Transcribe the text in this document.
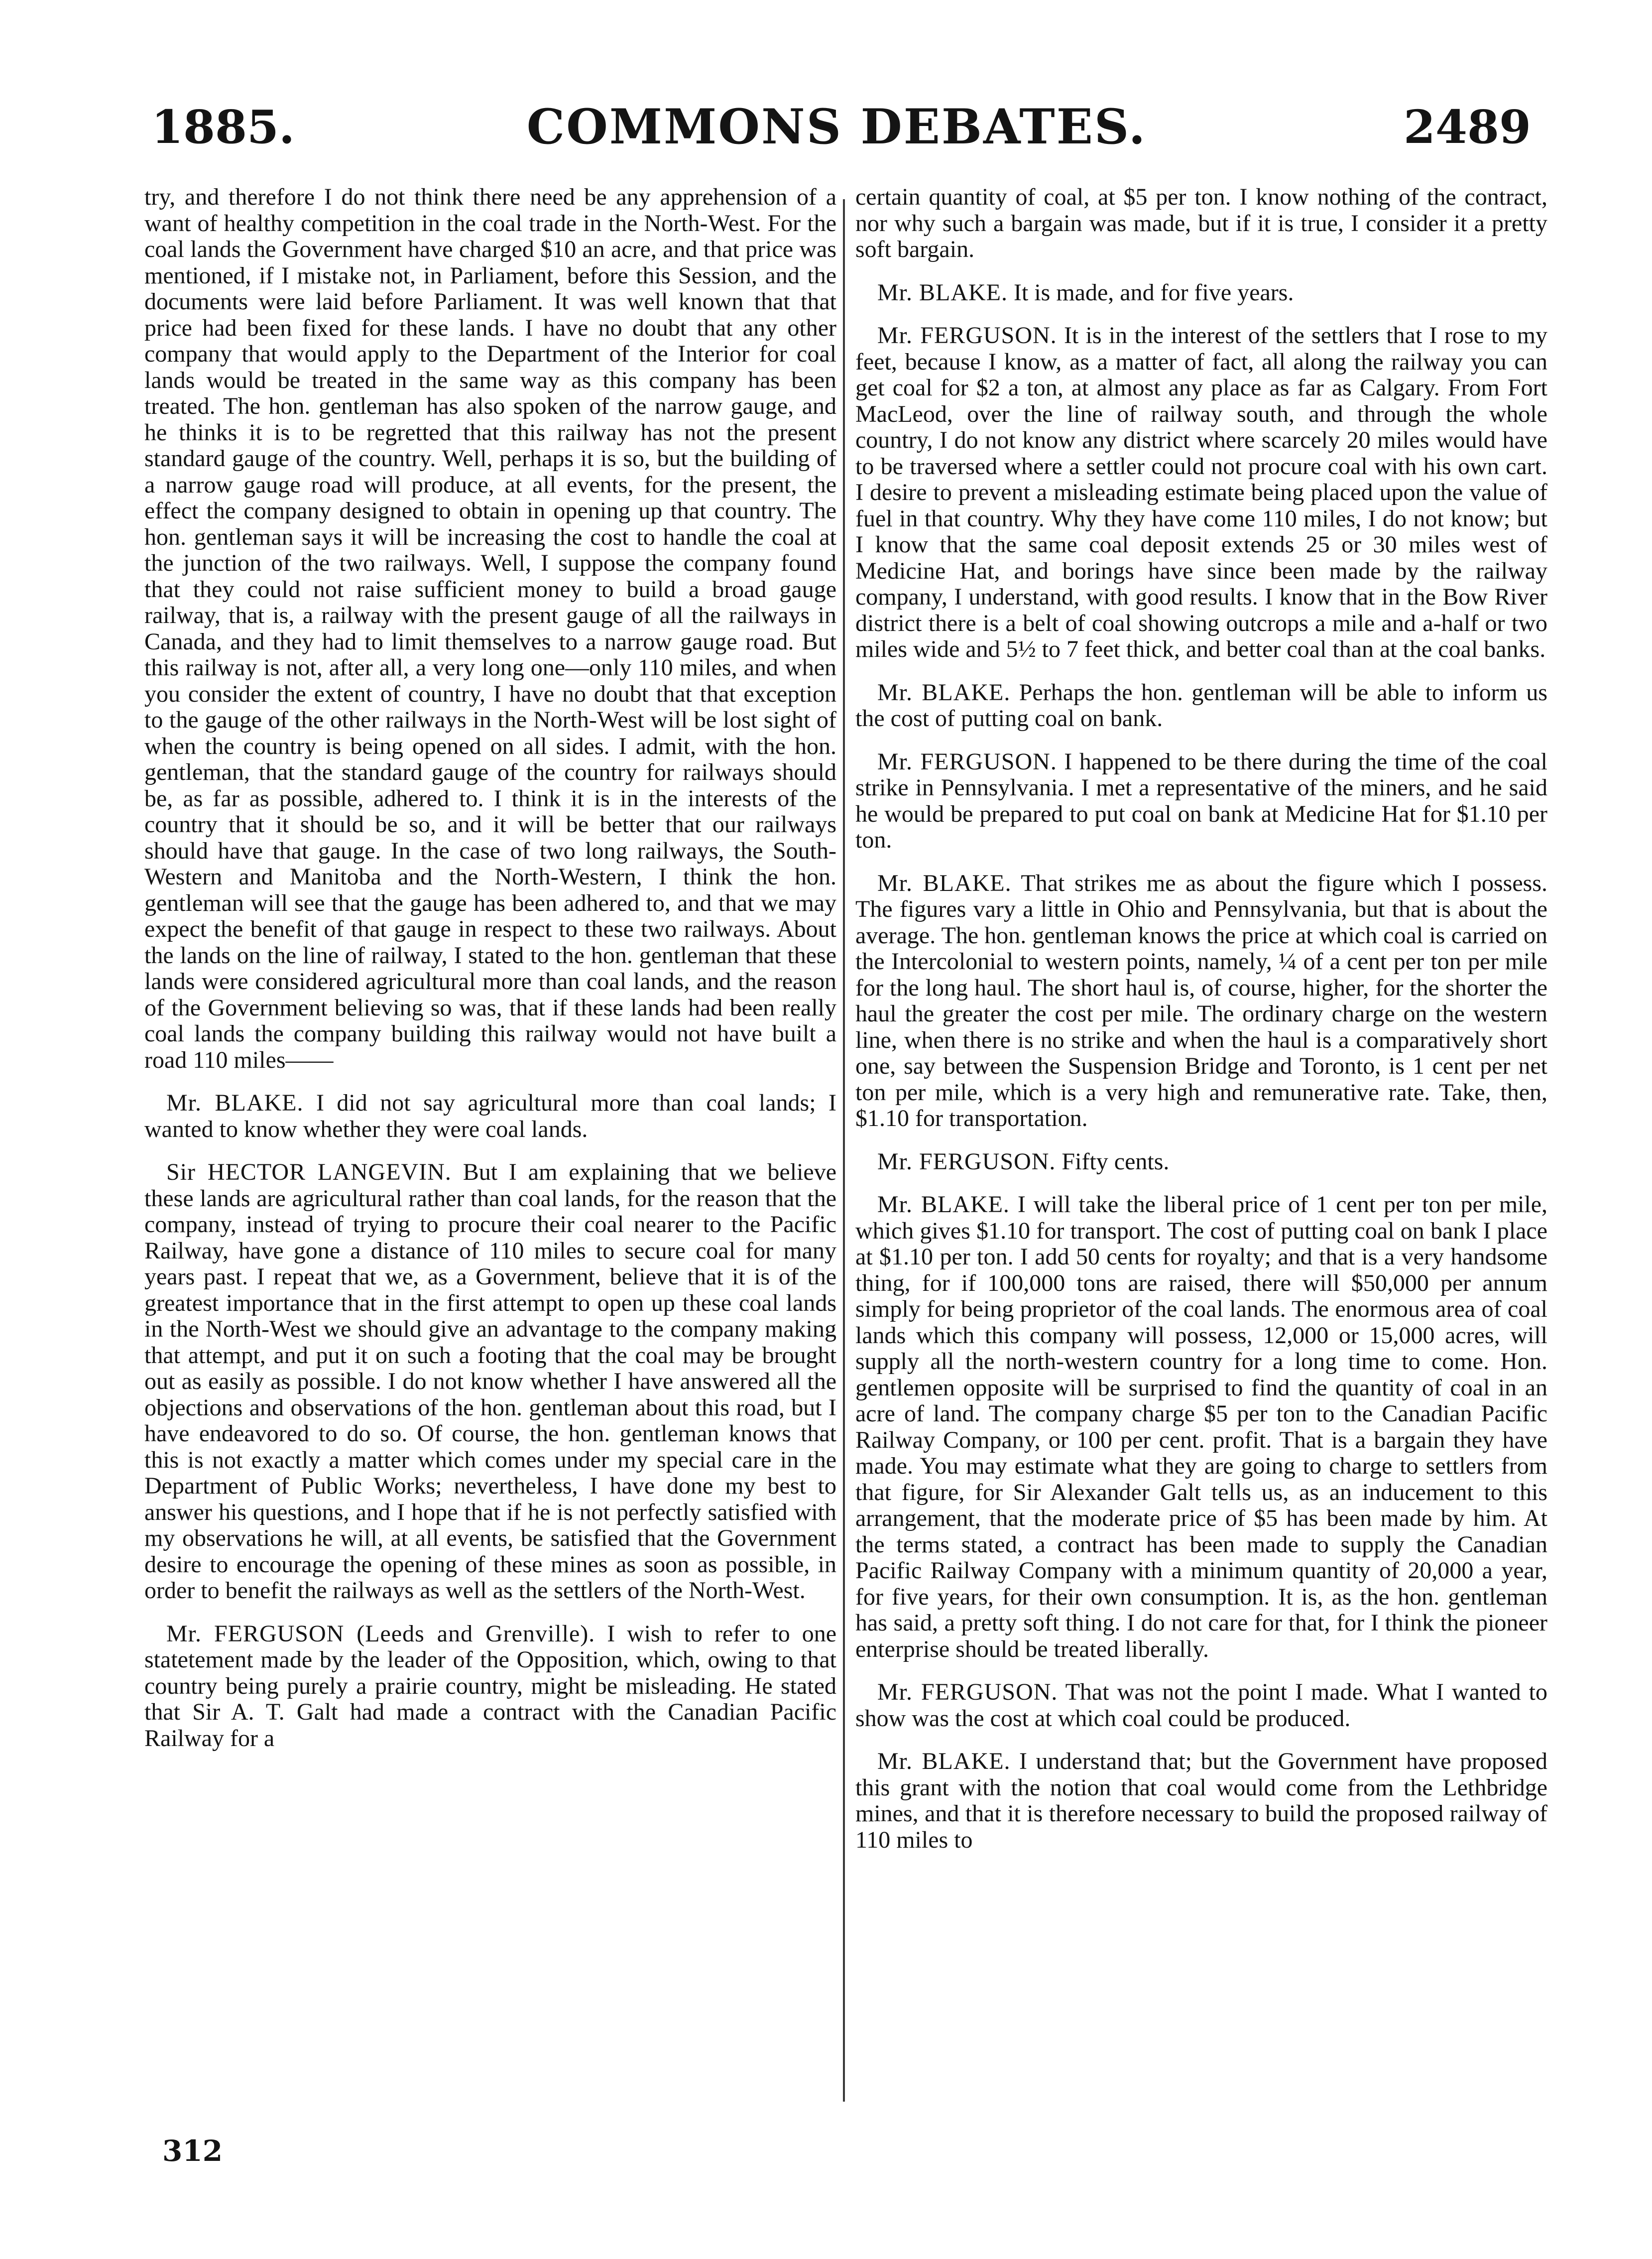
1885.	COMMONS DEBATES.	2489

try, and therefore I do not think there need be any apprehension of a want of healthy competition in the coal trade in the North-West. For the coal lands the Government have charged $10 an acre, and that price was mentioned, if I mistake not, in Parliament, before this Session, and the documents were laid before Parliament. It was well known that that price had been fixed for these lands. I have no doubt that any other company that would apply to the Department of the Interior for coal lands would be treated in the same way as this company has been treated. The hon. gentleman has also spoken of the narrow gauge, and he thinks it is to be regretted that this railway has not the present standard gauge of the country. Well, perhaps it is so, but the building of a narrow gauge road will produce, at all events, for the present, the effect the company designed to obtain in opening up that country. The hon. gentleman says it will be increasing the cost to handle the coal at the junction of the two railways. Well, I suppose the company found that they could not raise sufficient money to build a broad gauge railway, that is, a railway with the present gauge of all the railways in Canada, and they had to limit themselves to a narrow gauge road. But this railway is not, after all, a very long one—only 110 miles, and when you consider the extent of country, I have no doubt that that exception to the gauge of the other railways in the North-West will be lost sight of when the country is being opened on all sides. I admit, with the hon. gentleman, that the standard gauge of the country for railways should be, as far as possible, adhered to. I think it is in the interests of the country that it should be so, and it will be better that our railways should have that gauge. In the case of two long railways, the South-Western and Manitoba and the North-Western, I think the hon. gentleman will see that the gauge has been adhered to, and that we may expect the benefit of that gauge in respect to these two railways. About the lands on the line of railway, I stated to the hon. gentleman that these lands were considered agricultural more than coal lands, and the reason of the Government believing so was, that if these lands had been really coal lands the company building this railway would not have built a road 110 miles——

Mr. BLAKE. I did not say agricultural more than coal lands; I wanted to know whether they were coal lands.

Sir HECTOR LANGEVIN. But I am explaining that we believe these lands are agricultural rather than coal lands, for the reason that the company, instead of trying to procure their coal nearer to the Pacific Railway, have gone a distance of 110 miles to secure coal for many years past. I repeat that we, as a Government, believe that it is of the greatest importance that in the first attempt to open up these coal lands in the North-West we should give an advantage to the company making that attempt, and put it on such a footing that the coal may be brought out as easily as possible. I do not know whether I have answered all the objections and observations of the hon. gentleman about this road, but I have endeavored to do so. Of course, the hon. gentleman knows that this is not exactly a matter which comes under my special care in the Department of Public Works; nevertheless, I have done my best to answer his questions, and I hope that if he is not perfectly satisfied with my observations he will, at all events, be satisfied that the Government desire to encourage the opening of these mines as soon as possible, in order to benefit the railways as well as the settlers of the North-West.

Mr. FERGUSON (Leeds and Grenville). I wish to refer to one statetement made by the leader of the Opposition, which, owing to that country being purely a prairie country, might be misleading. He stated that Sir A. T. Galt had made a contract with the Canadian Pacific Railway for a

certain quantity of coal, at $5 per ton. I know nothing of the contract, nor why such a bargain was made, but if it is true, I consider it a pretty soft bargain.

Mr. BLAKE. It is made, and for five years.

Mr. FERGUSON. It is in the interest of the settlers that I rose to my feet, because I know, as a matter of fact, all along the railway you can get coal for $2 a ton, at almost any place as far as Calgary. From Fort MacLeod, over the line of railway south, and through the whole country, I do not know any district where scarcely 20 miles would have to be traversed where a settler could not procure coal with his own cart. I desire to prevent a misleading estimate being placed upon the value of fuel in that country. Why they have come 110 miles, I do not know; but I know that the same coal deposit extends 25 or 30 miles west of Medicine Hat, and borings have since been made by the railway company, I understand, with good results. I know that in the Bow River district there is a belt of coal showing outcrops a mile and a-half or two miles wide and 5½ to 7 feet thick, and better coal than at the coal banks.

Mr. BLAKE. Perhaps the hon. gentleman will be able to inform us the cost of putting coal on bank.

Mr. FERGUSON. I happened to be there during the time of the coal strike in Pennsylvania. I met a representative of the miners, and he said he would be prepared to put coal on bank at Medicine Hat for $1.10 per ton.

Mr. BLAKE. That strikes me as about the figure which I possess. The figures vary a little in Ohio and Pennsylvania, but that is about the average. The hon. gentleman knows the price at which coal is carried on the Intercolonial to western points, namely, ¼ of a cent per ton per mile for the long haul. The short haul is, of course, higher, for the shorter the haul the greater the cost per mile. The ordinary charge on the western line, when there is no strike and when the haul is a comparatively short one, say between the Suspension Bridge and Toronto, is 1 cent per net ton per mile, which is a very high and remunerative rate. Take, then, $1.10 for transportation.

Mr. FERGUSON. Fifty cents.

Mr. BLAKE. I will take the liberal price of 1 cent per ton per mile, which gives $1.10 for transport. The cost of putting coal on bank I place at $1.10 per ton. I add 50 cents for royalty; and that is a very handsome thing, for if 100,000 tons are raised, there will $50,000 per annum simply for being proprietor of the coal lands. The enormous area of coal lands which this company will possess, 12,000 or 15,000 acres, will supply all the north-western country for a long time to come. Hon. gentlemen opposite will be surprised to find the quantity of coal in an acre of land. The company charge $5 per ton to the Canadian Pacific Railway Company, or 100 per cent. profit. That is a bargain they have made. You may estimate what they are going to charge to settlers from that figure, for Sir Alexander Galt tells us, as an inducement to this arrangement, that the moderate price of $5 has been made by him. At the terms stated, a contract has been made to supply the Canadian Pacific Railway Company with a minimum quantity of 20,000 a year, for five years, for their own consumption. It is, as the hon. gentleman has said, a pretty soft thing. I do not care for that, for I think the pioneer enterprise should be treated liberally.

Mr. FERGUSON. That was not the point I made. What I wanted to show was the cost at which coal could be produced.

Mr. BLAKE. I understand that; but the Government have proposed this grant with the notion that coal would come from the Lethbridge mines, and that it is therefore necessary to build the proposed railway of 110 miles to

312
